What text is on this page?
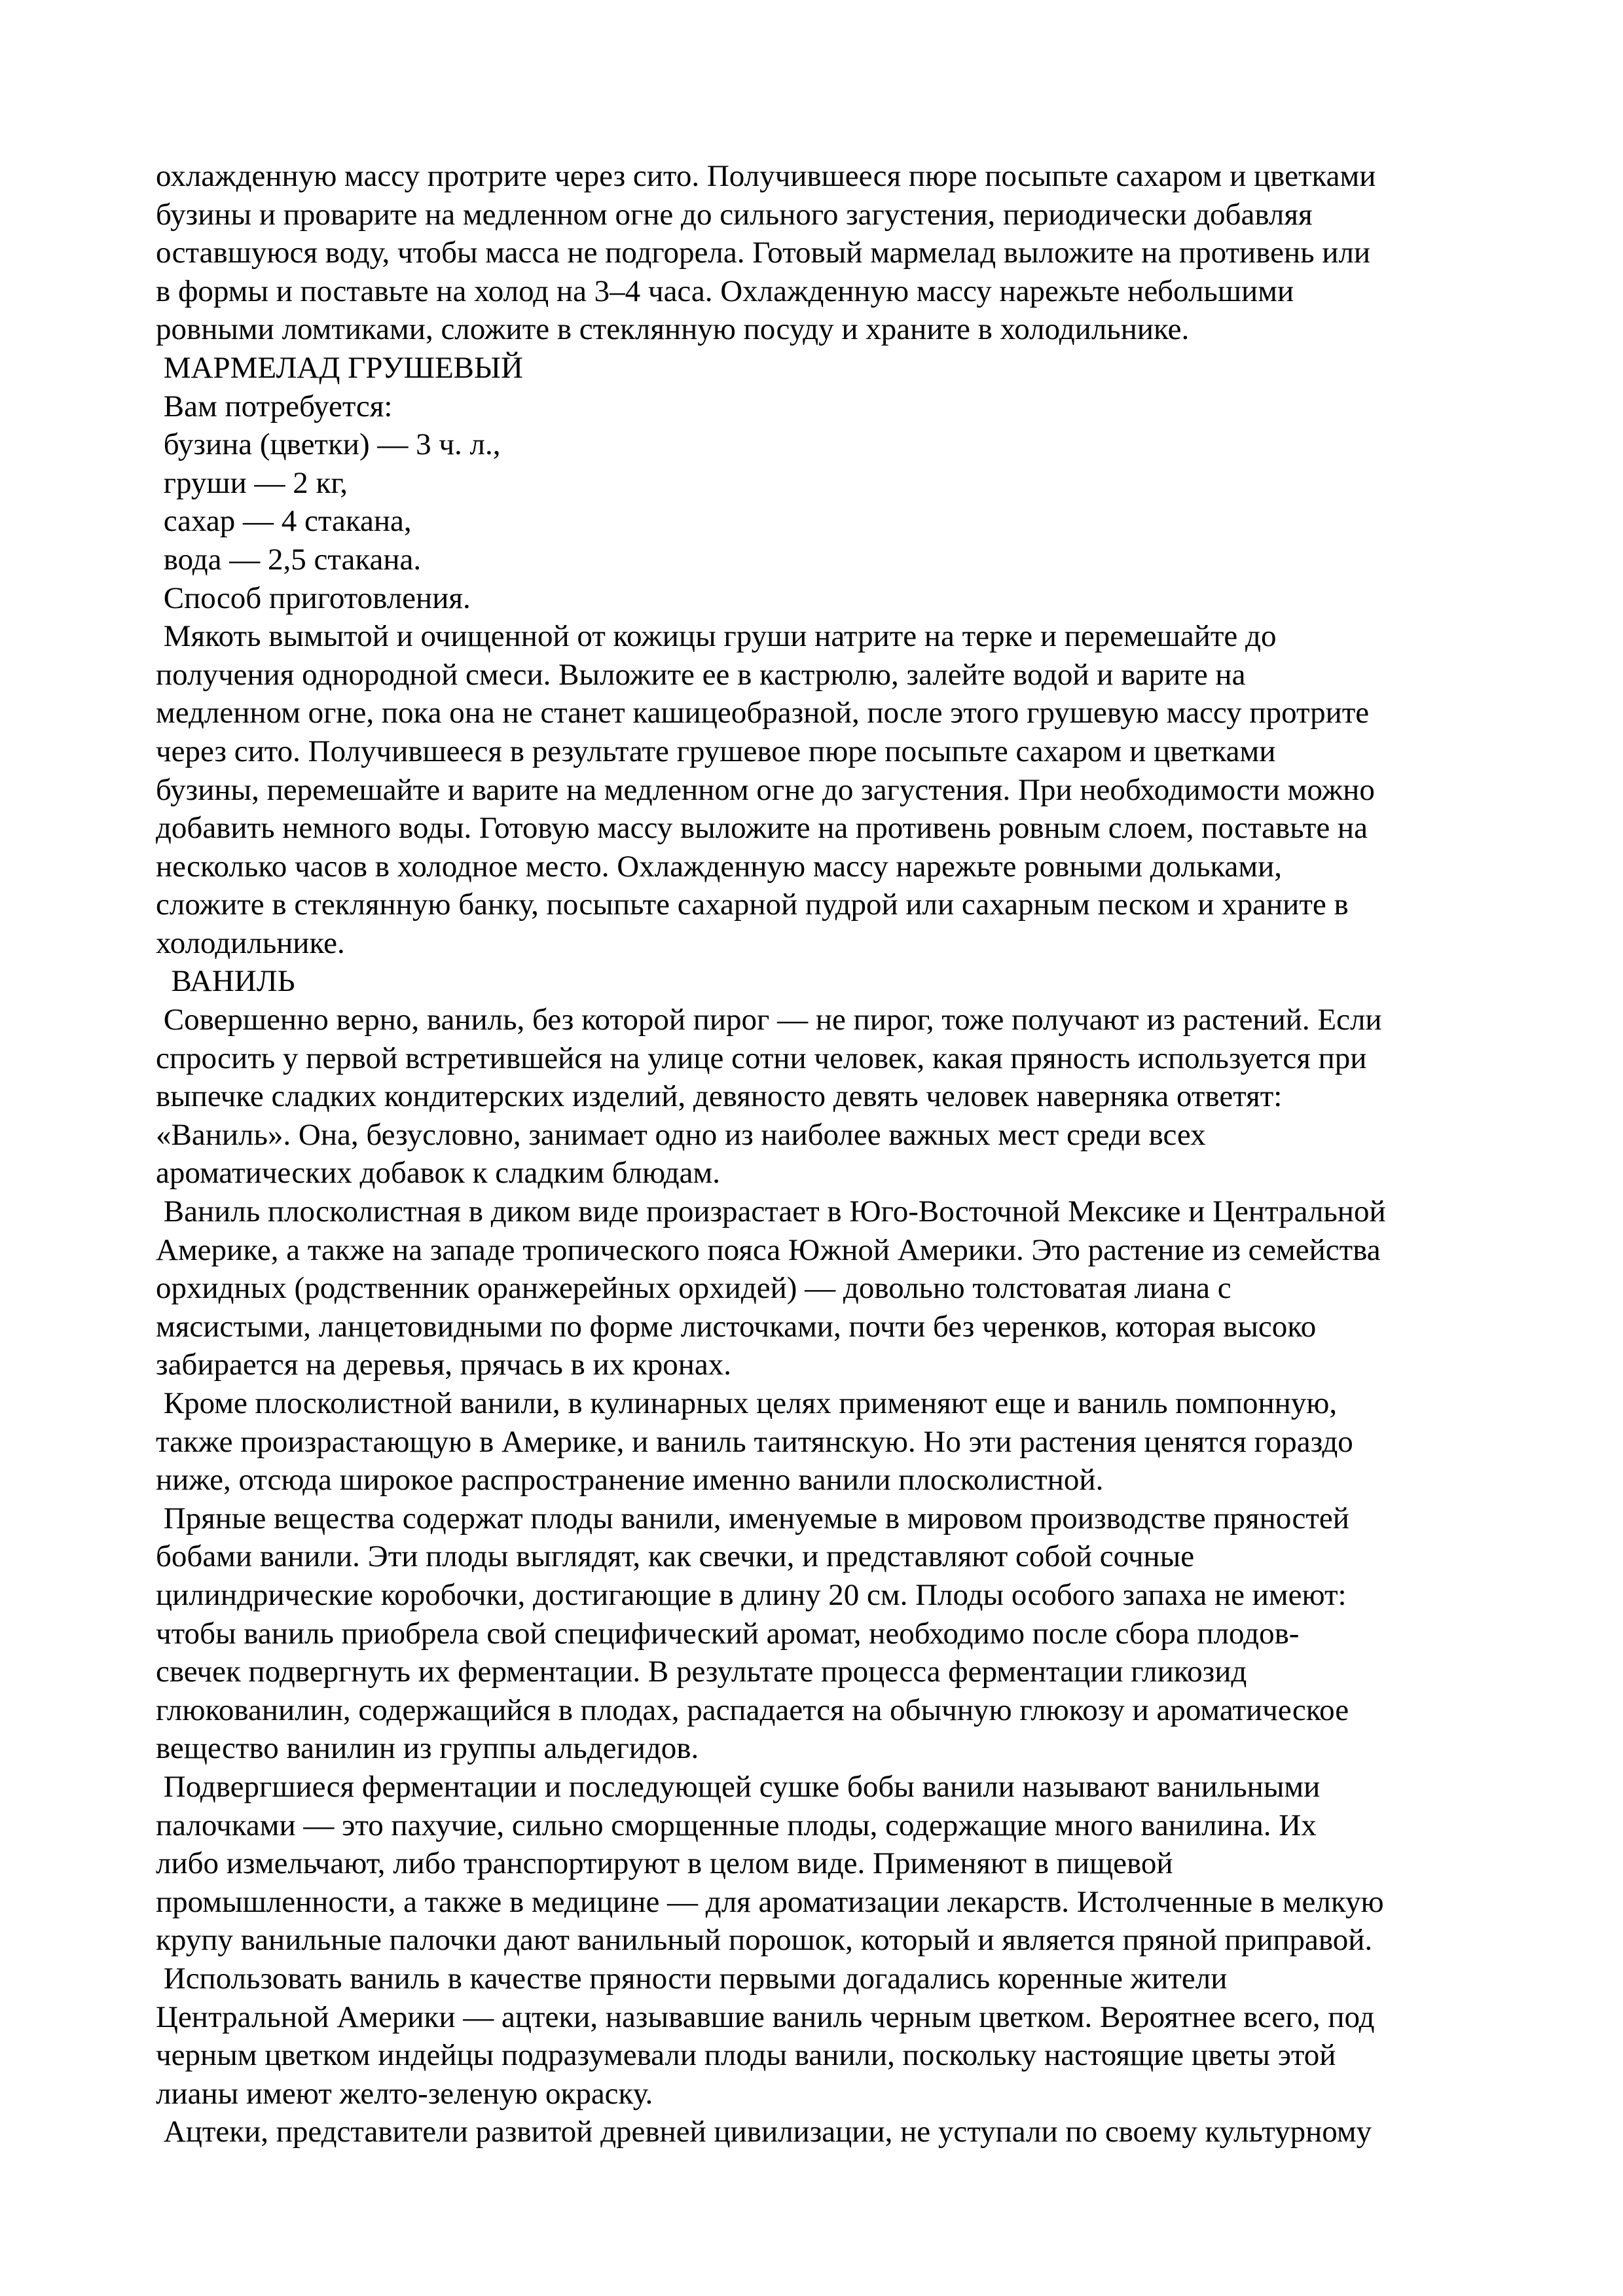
охлажденную массу протрите через сито. Получившееся пюре посыпьте сахаром и цветками
бузины и проварите на медленном огне до сильного загустения, периодически добавляя
оставшуюся воду, чтобы масса не подгорела. Готовый мармелад выложите на противень или
в формы и поставьте на холод на 3–4 часа. Охлажденную массу нарежьте небольшими
ровными ломтиками, сложите в стеклянную посуду и храните в холодильнике.
МАРМЕЛАД ГРУШЕВЫЙ
Вам потребуется:
бузина (цветки) — 3 ч. л.,
груши — 2 кг,
сахар — 4 стакана,
вода — 2,5 стакана.
Способ приготовления.
Мякоть вымытой и очищенной от кожицы груши натрите на терке и перемешайте до
получения однородной смеси. Выложите ее в кастрюлю, залейте водой и варите на
медленном огне, пока она не станет кашицеобразной, после этого грушевую массу протрите
через сито. Получившееся в результате грушевое пюре посыпьте сахаром и цветками
бузины, перемешайте и варите на медленном огне до загустения. При необходимости можно
добавить немного воды. Готовую массу выложите на противень ровным слоем, поставьте на
несколько часов в холодное место. Охлажденную массу нарежьте ровными дольками,
сложите в стеклянную банку, посыпьте сахарной пудрой или сахарным песком и храните в
холодильнике.
ВАНИЛЬ
Совершенно верно, ваниль, без которой пирог — не пирог, тоже получают из растений. Если
спросить у первой встретившейся на улице сотни человек, какая пряность используется при
выпечке сладких кондитерских изделий, девяносто девять человек наверняка ответят:
«Ваниль». Она, безусловно, занимает одно из наиболее важных мест среди всех
ароматических добавок к сладким блюдам.
Ваниль плосколистная в диком виде произрастает в Юго-Восточной Мексике и Центральной
Америке, а также на западе тропического пояса Южной Америки. Это растение из семейства
орхидных (родственник оранжерейных орхидей) — довольно толстоватая лиана с
мясистыми, ланцетовидными по форме листочками, почти без черенков, которая высоко
забирается на деревья, прячась в их кронах.
Кроме плосколистной ванили, в кулинарных целях применяют еще и ваниль помпонную,
также произрастающую в Америке, и ваниль таитянскую. Но эти растения ценятся гораздо
ниже, отсюда широкое распространение именно ванили плосколистной.
Пряные вещества содержат плоды ванили, именуемые в мировом производстве пряностей
бобами ванили. Эти плоды выглядят, как свечки, и представляют собой сочные
цилиндрические коробочки, достигающие в длину 20 см. Плоды особого запаха не имеют:
чтобы ваниль приобрела свой специфический аромат, необходимо после сбора плодов-
свечек подвергнуть их ферментации. В результате процесса ферментации гликозид
глюкованилин, содержащийся в плодах, распадается на обычную глюкозу и ароматическое
вещество ванилин из группы альдегидов.
Подвергшиеся ферментации и последующей сушке бобы ванили называют ванильными
палочками — это пахучие, сильно сморщенные плоды, содержащие много ванилина. Их
либо измельчают, либо транспортируют в целом виде. Применяют в пищевой
промышленности, а также в медицине — для ароматизации лекарств. Истолченные в мелкую
крупу ванильные палочки дают ванильный порошок, который и является пряной приправой.
Использовать ваниль в качестве пряности первыми догадались коренные жители
Центральной Америки — ацтеки, называвшие ваниль черным цветком. Вероятнее всего, под
черным цветком индейцы подразумевали плоды ванили, поскольку настоящие цветы этой
лианы имеют желто-зеленую окраску.
Ацтеки, представители развитой древней цивилизации, не уступали по своему культурному
